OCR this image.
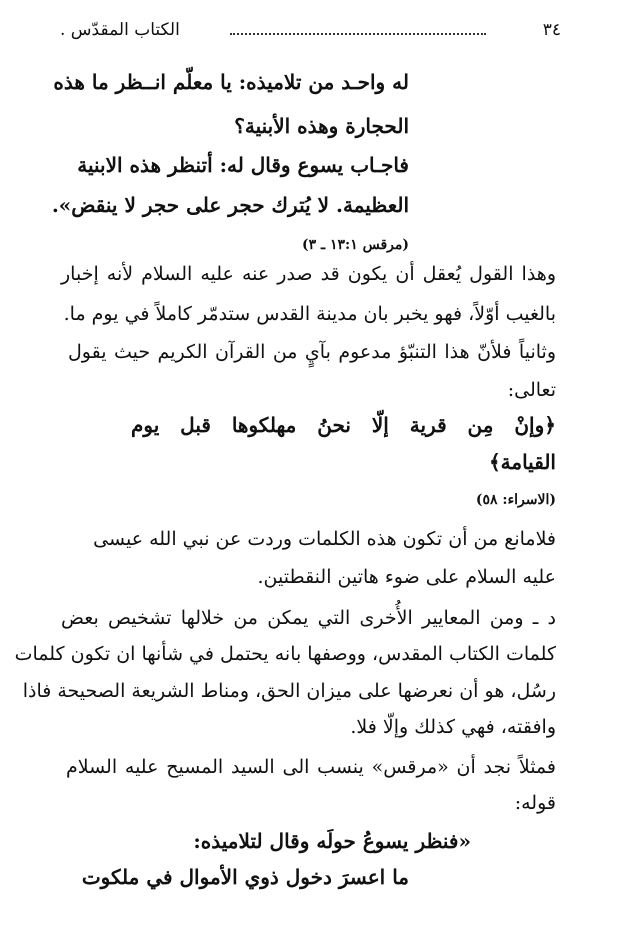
٣٤
الكتاب المقدّس .
له واحـد من تلاميذه: يا معلّم انــظر ما هذه
الحجارة وهذه الأبنية؟
فاجـاب يسوع وقال له: أتنظر هذه الابنية
العظيمة. لا يُترك حجر على حجر لا ينقض».
(مرقس ١٣:١ ـ ٣)
وهذا القول يُعقل أن يكون قد صدر عنه عليه السلام لأنه إخبار
بالغيب أوّلاً، فهو يخبر بان مدينة القدس ستدمّر كاملاً في يوم ما.
وثانياً فلأنّ هذا التنبّؤ مدعوم بآيٍ من القرآن الكريم حيث يقول
تعالى:
﴿وإنْ مِن قرية إلّا نحنُ مهلكوها قبل يوم
القيامة﴾
(الاسراء: ٥٨)
فلامانع من أن تكون هذه الكلمات وردت عن نبي الله عيسى
عليه السلام على ضوء هاتين النقطتين.
د ـ ومن المعايير الأُخرى التي يمكن من خلالها تشخيص بعض
كلمات الكتاب المقدس، ووصفها بانه يحتمل في شأنها ان تكون كلمات
رسُل، هو أن نعرضها على ميزان الحق، ومناط الشريعة الصحيحة فاذا
وافقته، فهي كذلك وإلّا فلا.
فمثلاً نجد أن «مرقس» ينسب الى السيد المسيح عليه السلام
قوله:
«فنظر يسوعُ حولَه وقال لتلاميذه:
ما اعسرَ دخول ذوي الأموال في ملكوت
